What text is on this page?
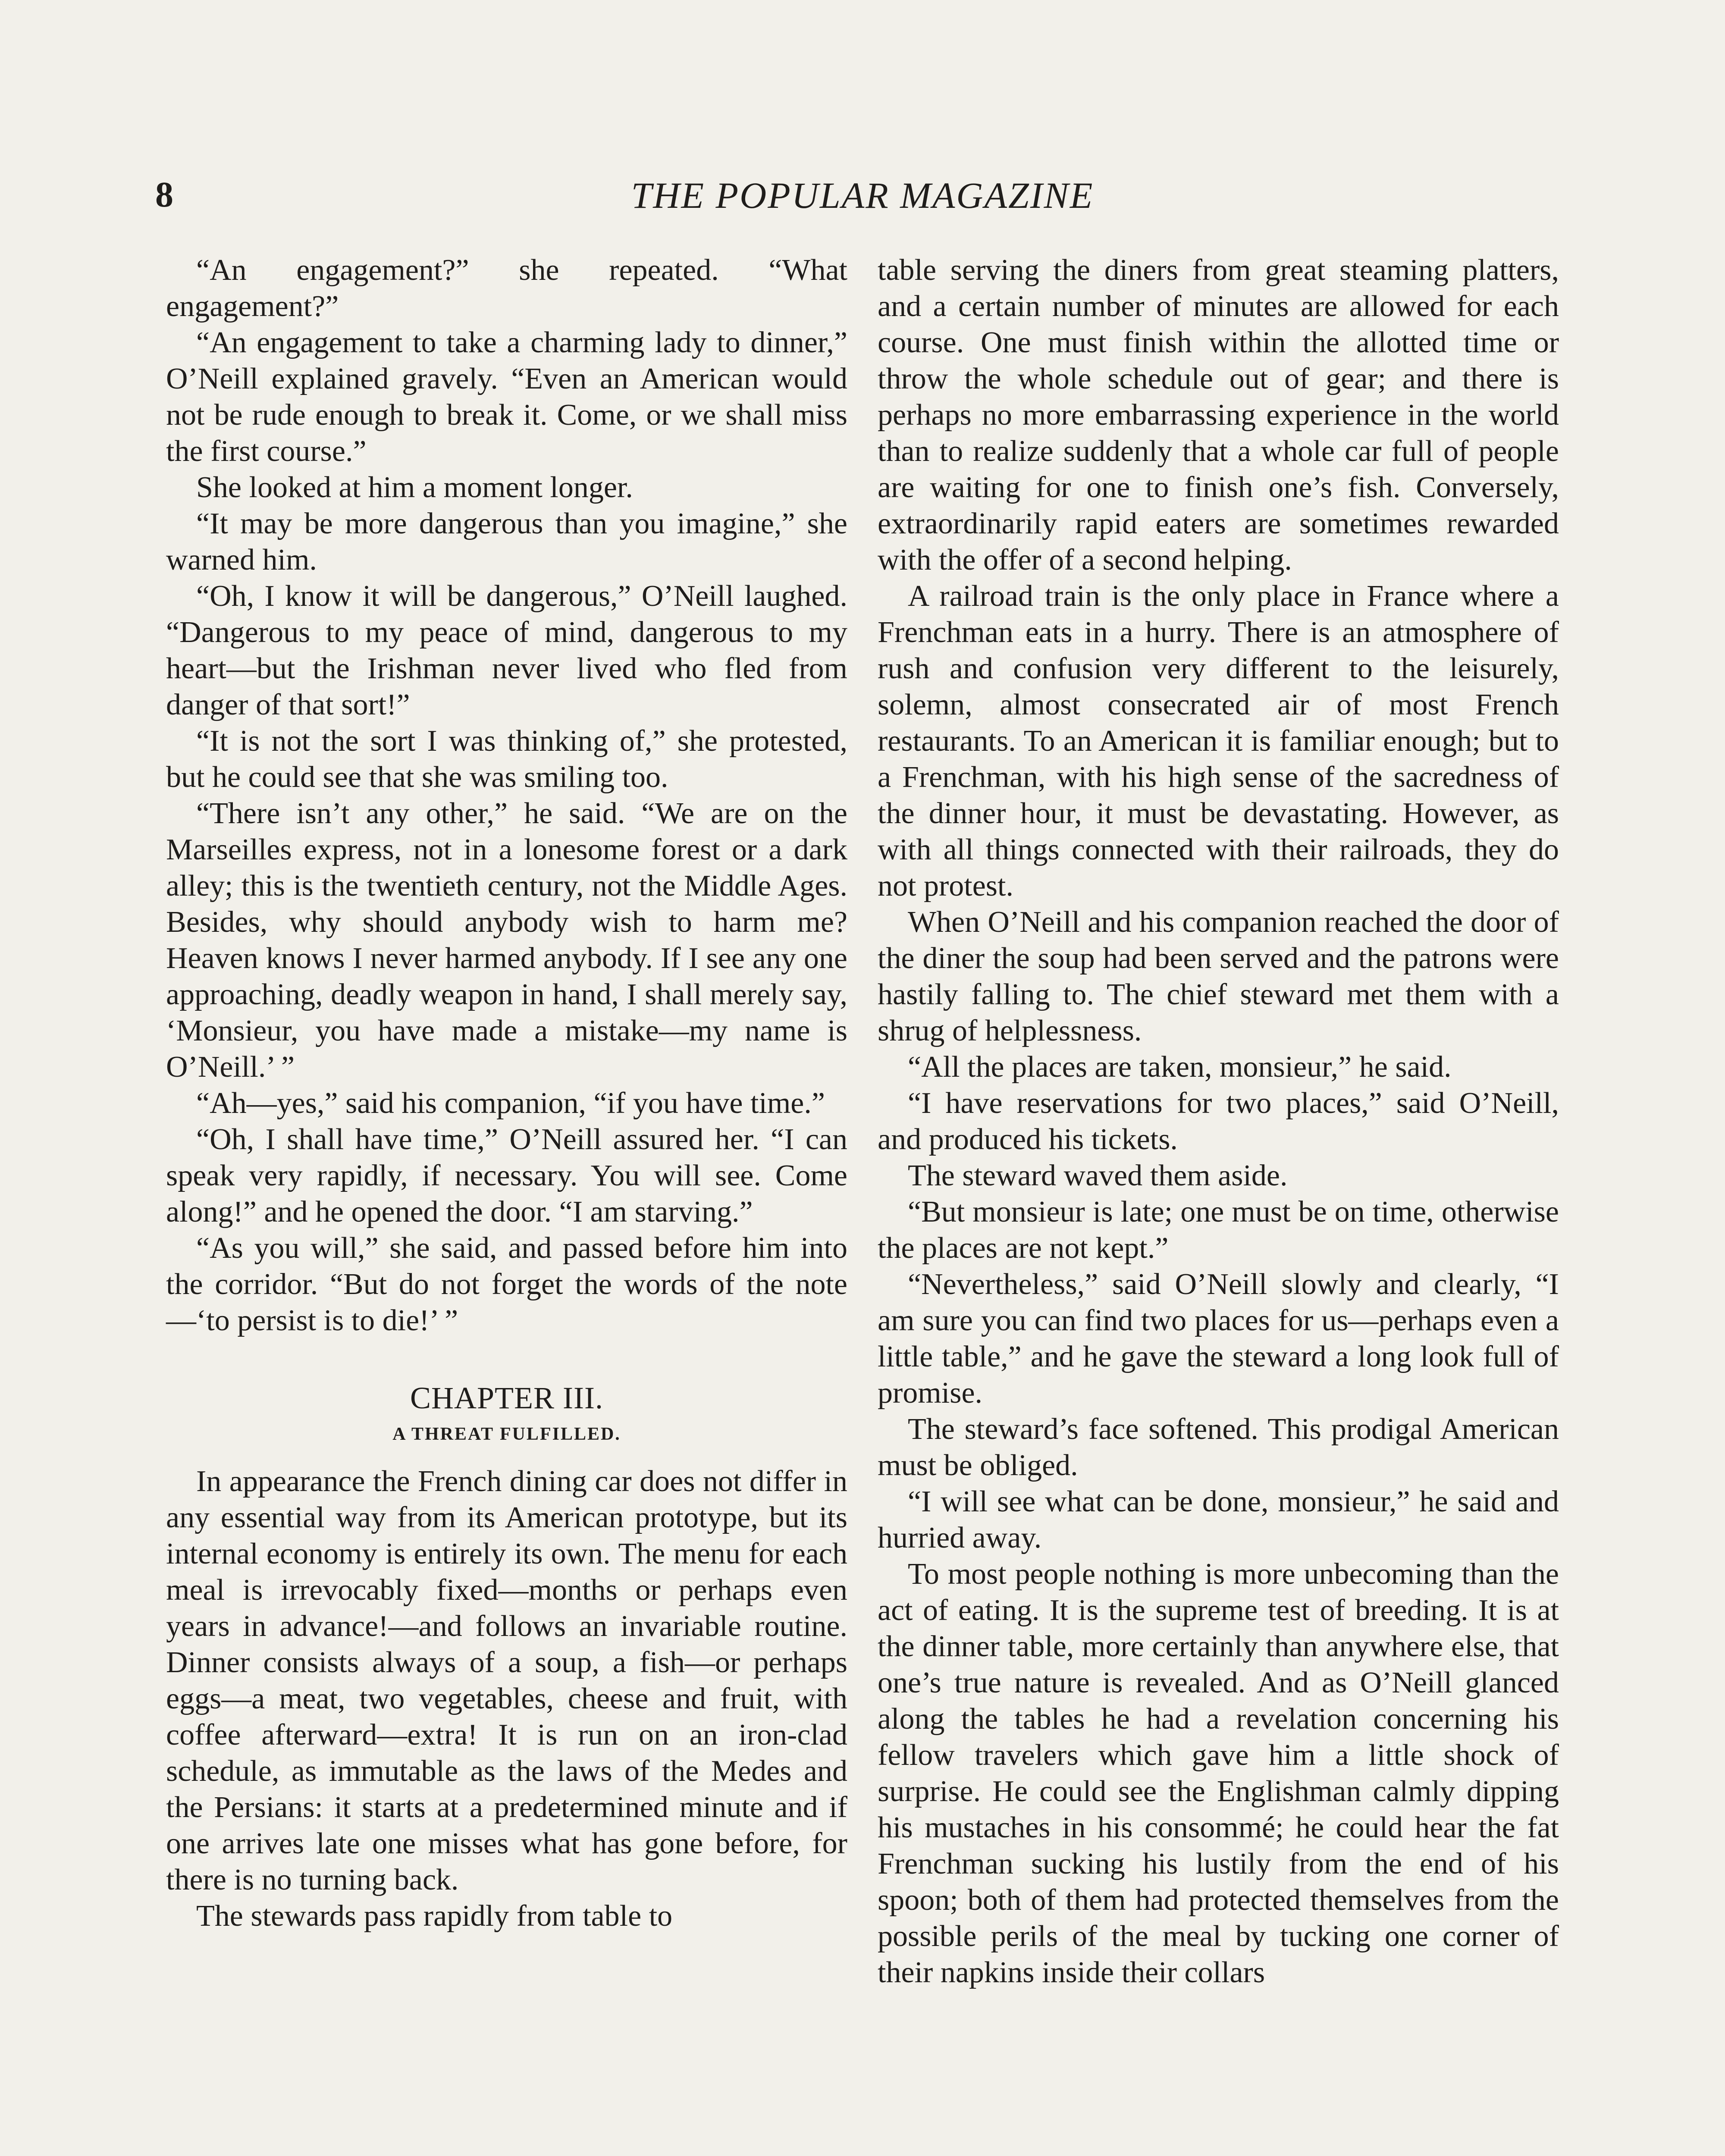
8	THE POPULAR MAGAZINE

“An engagement?” she repeated. “What engagement?”

“An engagement to take a charming lady to dinner,” O’Neill explained gravely. “Even an American would not be rude enough to break it. Come, or we shall miss the first course.”

She looked at him a moment longer.

“It may be more dangerous than you imagine,” she warned him.

“Oh, I know it will be dangerous,” O’Neill laughed. “Dangerous to my peace of mind, dangerous to my heart—but the Irishman never lived who fled from danger of that sort!”

“It is not the sort I was thinking of,” she protested, but he could see that she was smiling too.

“There isn’t any other,” he said. “We are on the Marseilles express, not in a lonesome forest or a dark alley; this is the twentieth century, not the Middle Ages. Besides, why should anybody wish to harm me? Heaven knows I never harmed anybody. If I see any one approaching, deadly weapon in hand, I shall merely say, ‘Monsieur, you have made a mistake—my name is O’Neill.’ ”

“Ah—yes,” said his companion, “if you have time.”

“Oh, I shall have time,” O’Neill assured her. “I can speak very rapidly, if necessary. You will see. Come along!” and he opened the door. “I am starving.”

“As you will,” she said, and passed before him into the corridor. “But do not forget the words of the note—‘to persist is to die!’ ”

CHAPTER III.
A THREAT FULFILLED.

In appearance the French dining car does not differ in any essential way from its American prototype, but its internal economy is entirely its own. The menu for each meal is irrevocably fixed—months or perhaps even years in advance!—and follows an invariable routine. Dinner consists always of a soup, a fish—or perhaps eggs—a meat, two vegetables, cheese and fruit, with coffee afterward—extra! It is run on an iron-clad schedule, as immutable as the laws of the Medes and the Persians: it starts at a predetermined minute and if one arrives late one misses what has gone before, for there is no turning back.

The stewards pass rapidly from table to

table serving the diners from great steaming platters, and a certain number of minutes are allowed for each course. One must finish within the allotted time or throw the whole schedule out of gear; and there is perhaps no more embarrassing experience in the world than to realize suddenly that a whole car full of people are waiting for one to finish one’s fish. Conversely, extraordinarily rapid eaters are sometimes rewarded with the offer of a second helping.

A railroad train is the only place in France where a Frenchman eats in a hurry. There is an atmosphere of rush and confusion very different to the leisurely, solemn, almost consecrated air of most French restaurants. To an American it is familiar enough; but to a Frenchman, with his high sense of the sacredness of the dinner hour, it must be devastating. However, as with all things connected with their railroads, they do not protest.

When O’Neill and his companion reached the door of the diner the soup had been served and the patrons were hastily falling to. The chief steward met them with a shrug of helplessness.

“All the places are taken, monsieur,” he said.

“I have reservations for two places,” said O’Neill, and produced his tickets.

The steward waved them aside.

“But monsieur is late; one must be on time, otherwise the places are not kept.”

“Nevertheless,” said O’Neill slowly and clearly, “I am sure you can find two places for us—perhaps even a little table,” and he gave the steward a long look full of promise.

The steward’s face softened. This prodigal American must be obliged.

“I will see what can be done, monsieur,” he said and hurried away.

To most people nothing is more unbecoming than the act of eating. It is the supreme test of breeding. It is at the dinner table, more certainly than anywhere else, that one’s true nature is revealed. And as O’Neill glanced along the tables he had a revelation concerning his fellow travelers which gave him a little shock of surprise. He could see the Englishman calmly dipping his mustaches in his consommé; he could hear the fat Frenchman sucking his lustily from the end of his spoon; both of them had protected themselves from the possible perils of the meal by tucking one corner of their napkins inside their collars
